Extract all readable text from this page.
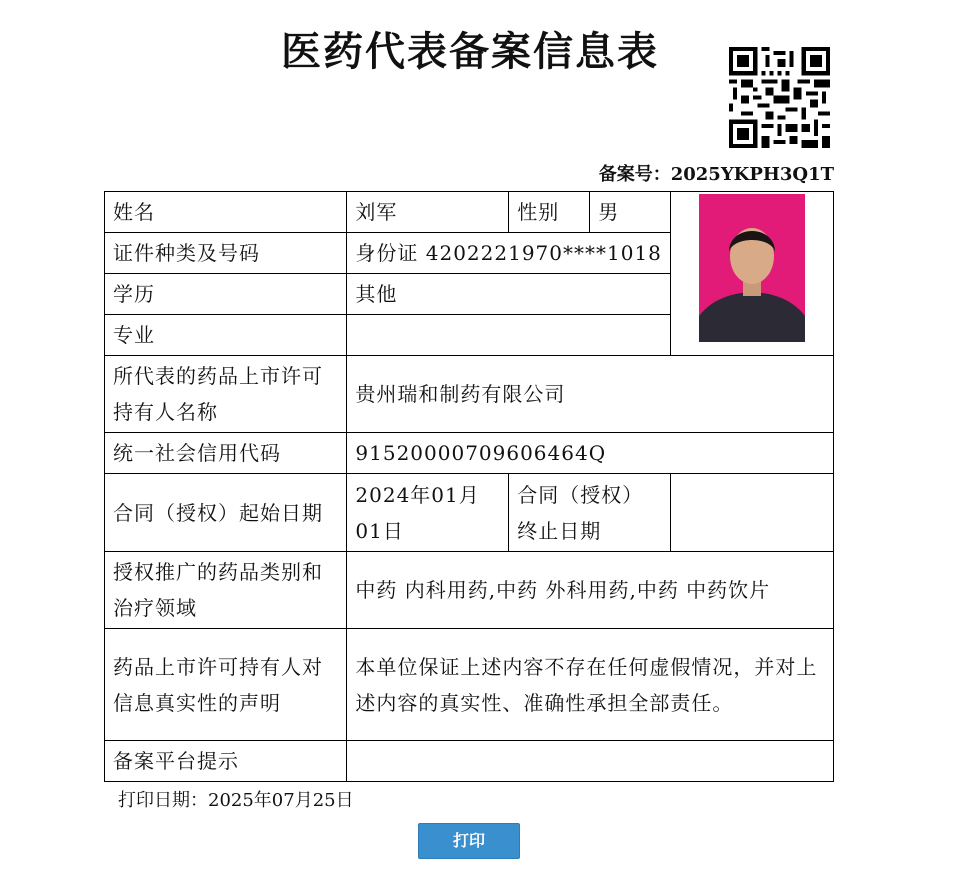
医药代表备案信息表
备案号：2025YKPH3Q1T
姓名	刘军	性别	男	
证件种类及号码	身份证 4202221970****1018			
学历	其他			
专业				
所代表的药品上市许可持有人名称	贵州瑞和制药有限公司			
统一社会信用代码	91520000709606464Q			
合同（授权）起始日期	2024年01月01日	合同（授权）终止日期		
授权推广的药品类别和治疗领域	中药 内科用药,中药 外科用药,中药 中药饮片			
药品上市许可持有人对信息真实性的声明	本单位保证上述内容不存在任何虚假情况，并对上述内容的真实性、准确性承担全部责任。			
备案平台提示				
打印日期：2025年07月25日
打印
